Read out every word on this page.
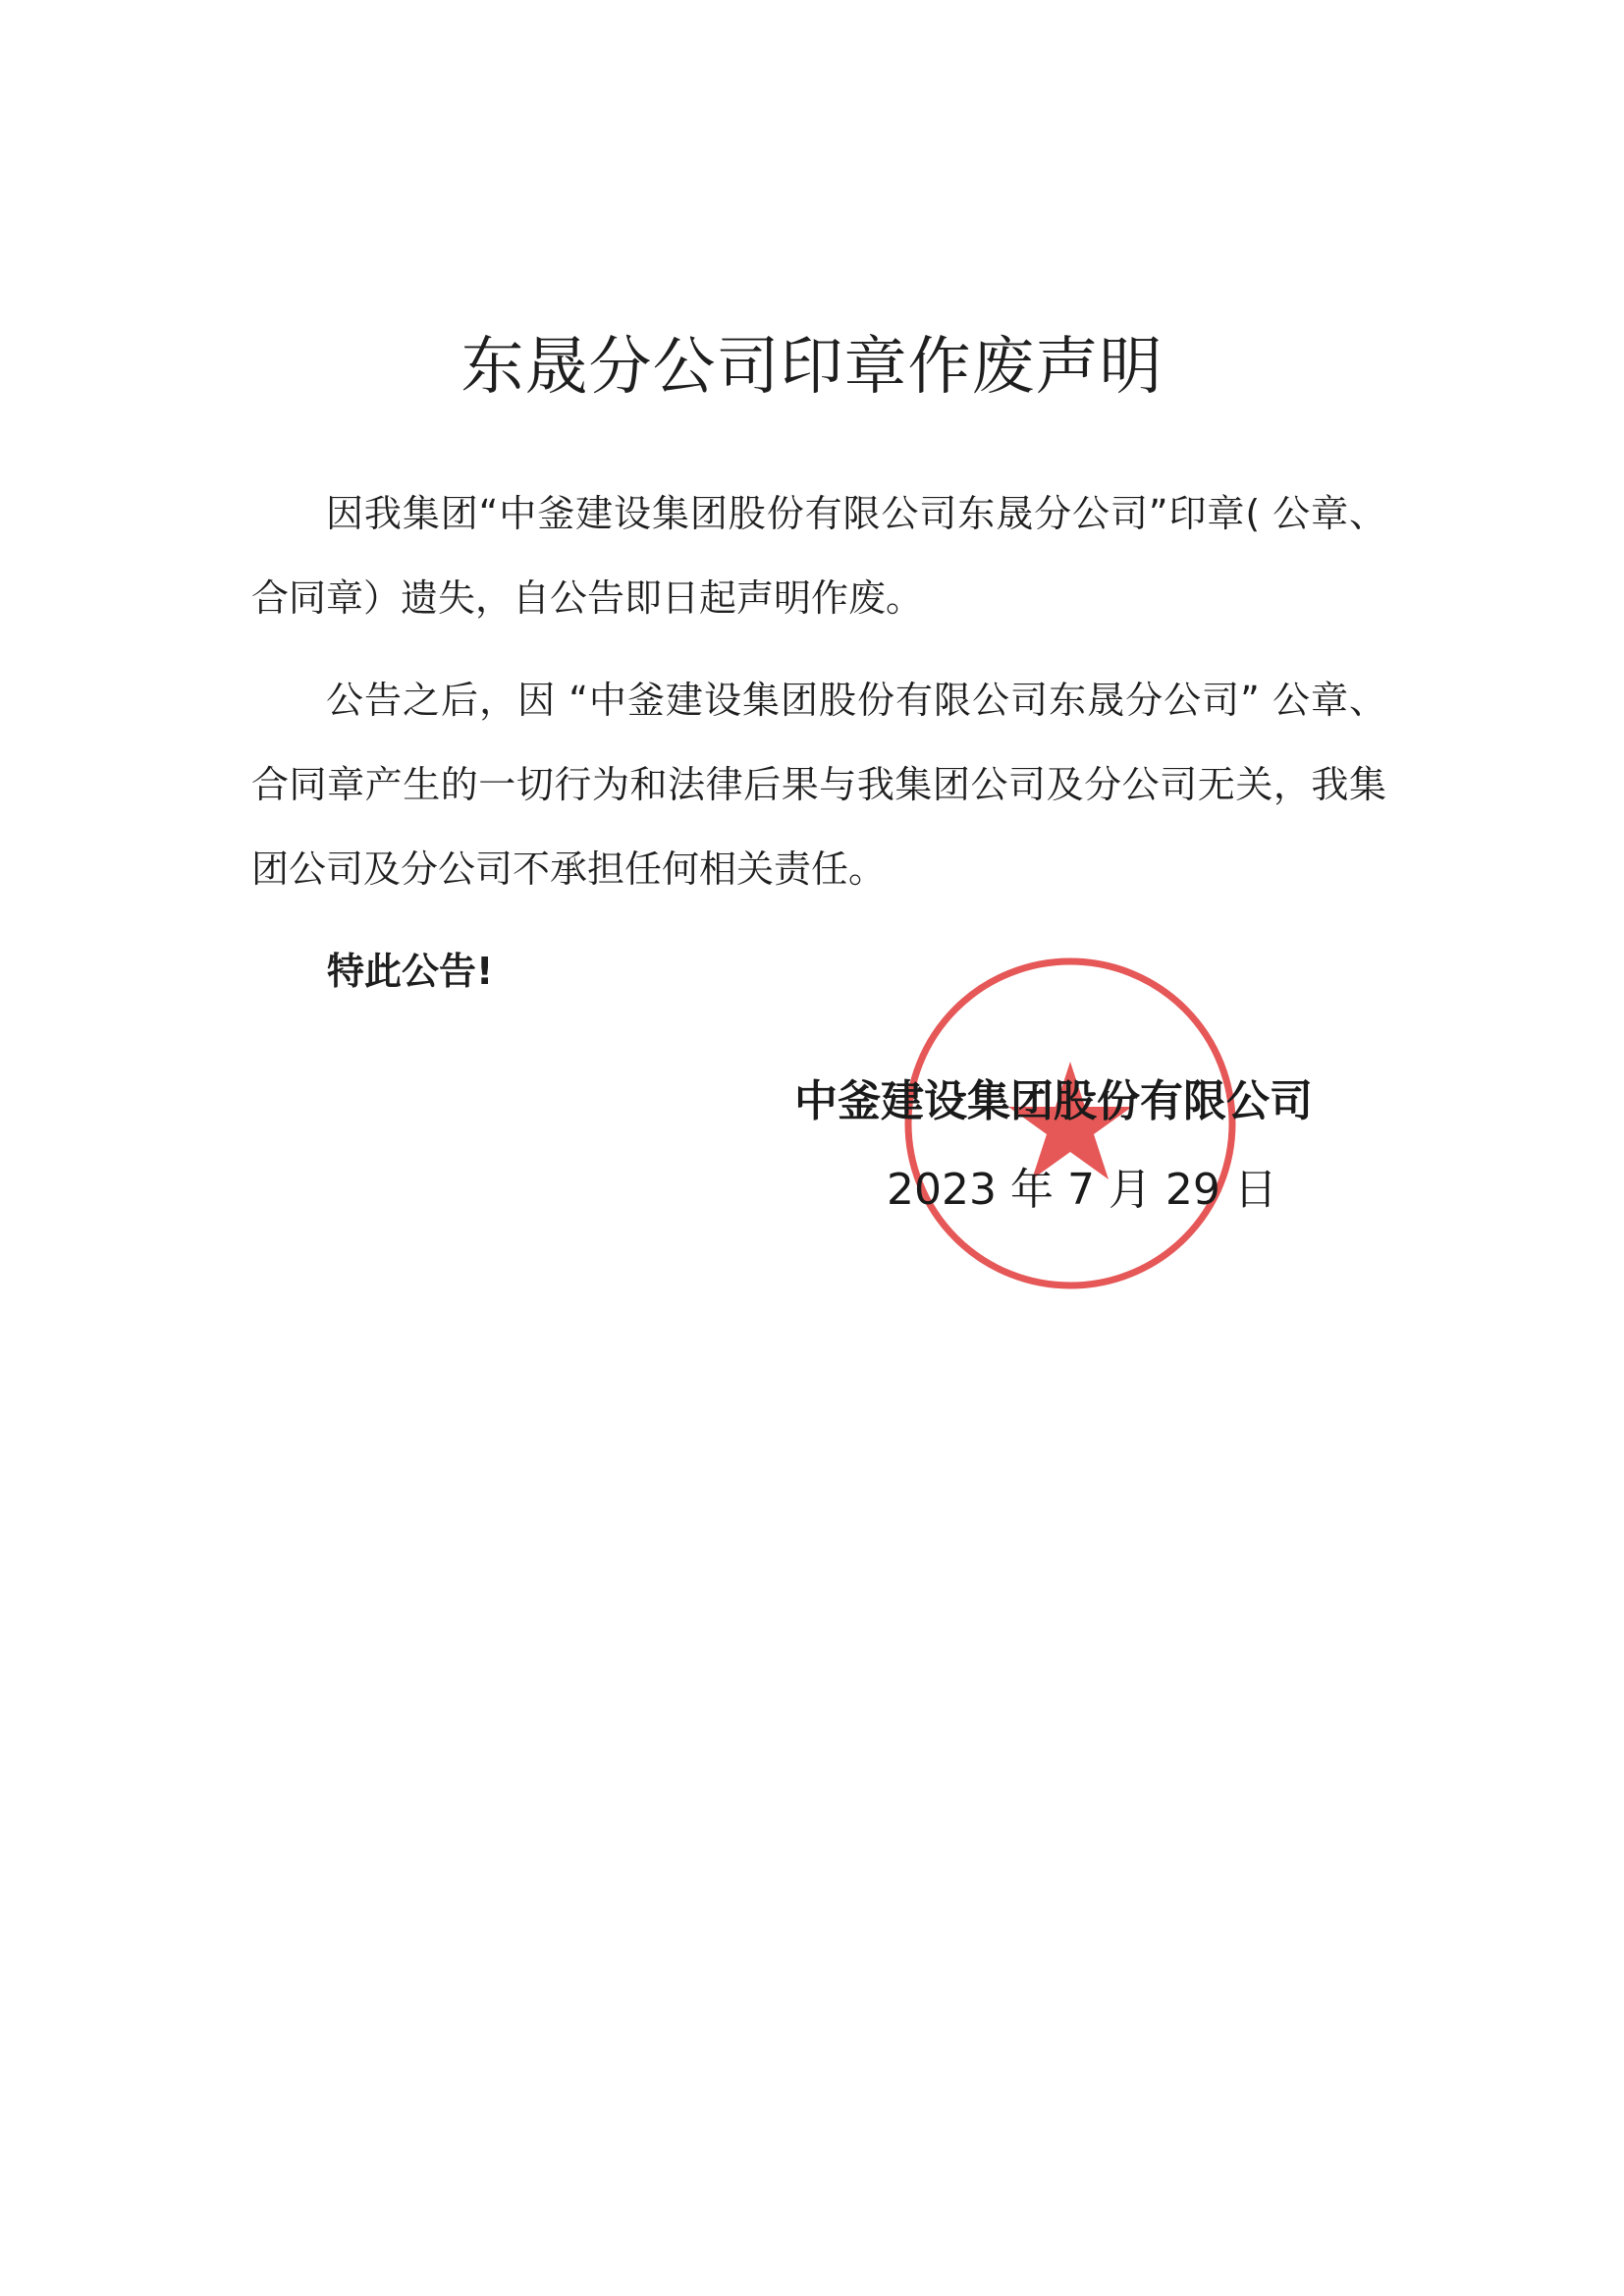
东晟分公司印章作废声明

因我集团“中釜建设集团股份有限公司东晟分公司”印章( 公章、合同章）遗失，自公告即日起声明作废。

公告之后，因 “中釜建设集团股份有限公司东晟分公司” 公章、合同章产生的一切行为和法律后果与我集团公司及分公司无关，我集团公司及分公司不承担任何相关责任。

特此公告!

中釜建设集团股份有限公司
2023 年 7 月 29 日
